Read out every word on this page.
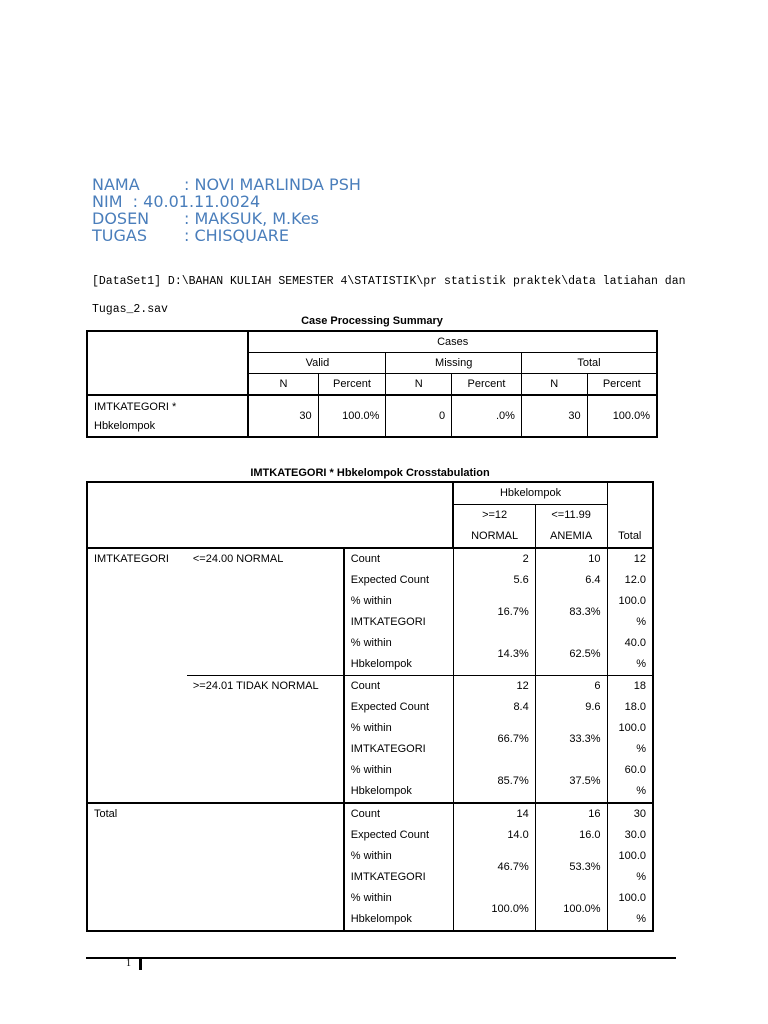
NAMA	: NOVI MARLINDA PSH
NIM : 40.01.11.0024
DOSEN : MAKSUK, M.Kes
TUGAS : CHISQUARE
[DataSet1] D:\BAHAN KULIAH SEMESTER 4\STATISTIK\pr statistik praktek\data latiahan dan Tugas_2.sav
Case Processing Summary
	Cases					
	Valid		Missing		Total	
	N	Percent	N	Percent	N	Percent
IMTKATEGORI *
Hbkelompok	30	100.0%	0	.0%	30	100.0%
IMTKATEGORI * Hbkelompok Crosstabulation
			Hbkelompok		Total
			>=12	<=11.99	
			NORMAL	ANEMIA	
IMTKATEGORI	<=24.00 NORMAL	Count	2	10	12
		Expected Count	5.6	6.4	12.0
		% within	16.7%	83.3%	100.0
		IMTKATEGORI			%
		% within	14.3%	62.5%	40.0
		Hbkelompok			%
	>=24.01 TIDAK NORMAL	Count	12	6	18
		Expected Count	8.4	9.6	18.0
		% within	66.7%	33.3%	100.0
		IMTKATEGORI			%
		% within	85.7%	37.5%	60.0
		Hbkelompok			%
Total		Count	14	16	30
		Expected Count	14.0	16.0	30.0
		% within	46.7%	53.3%	100.0
		IMTKATEGORI			%
		% within	100.0%	100.0%	100.0
		Hbkelompok			%
1
